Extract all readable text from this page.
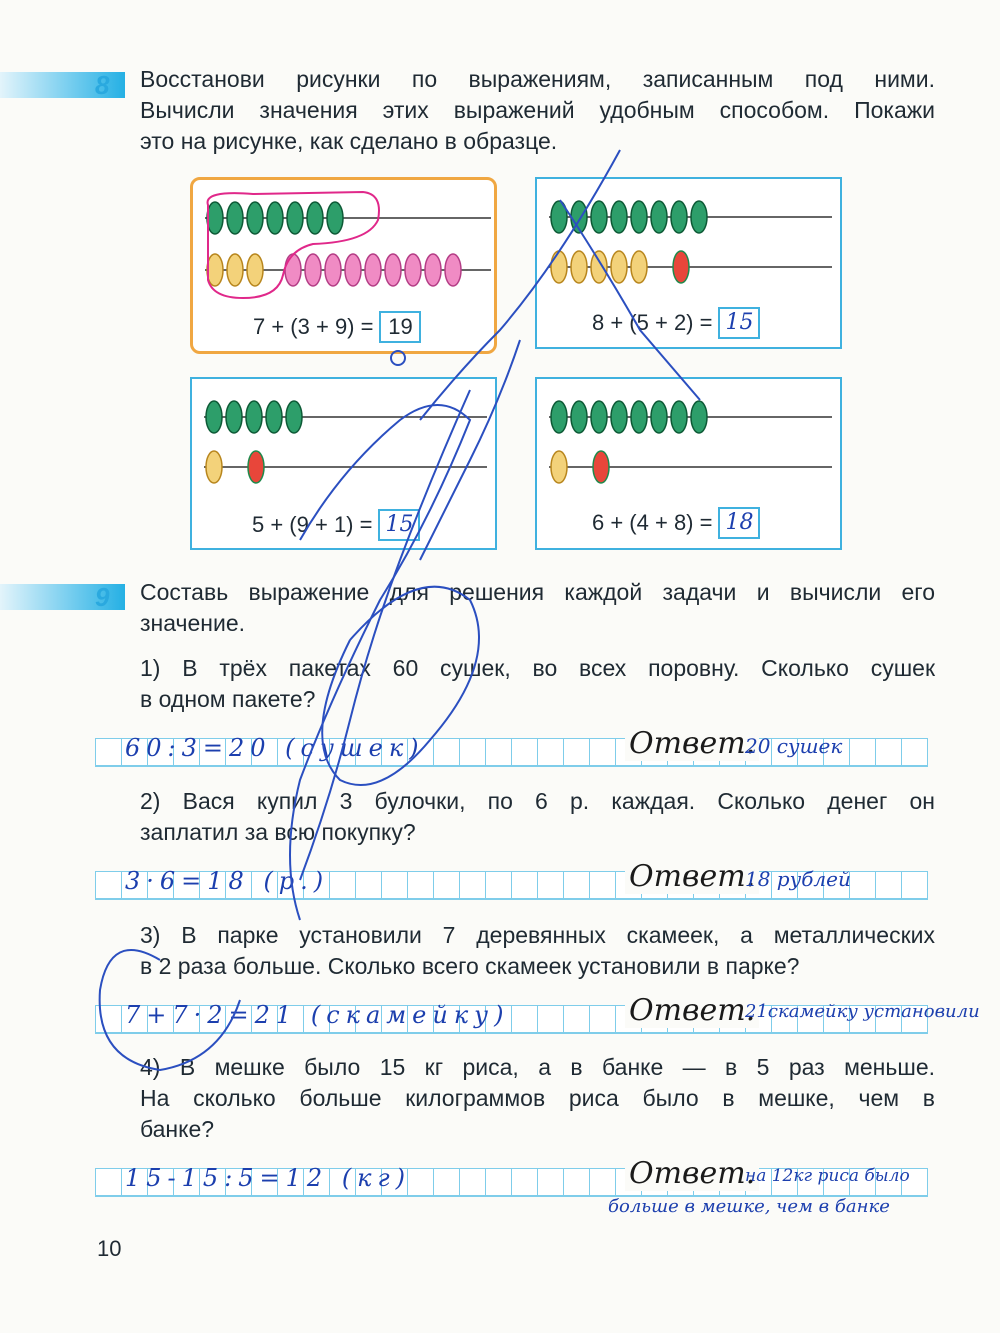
8 Восстанови рисунки по выражениям, записанным под ними.
Вычисли значения этих выражений удобным способом. Покажи
это на рисунке, как сделано в образце.
7 + (3 + 9) = 19	8 + (5 + 2) = 15
5 + (9 + 1) = 15	6 + (4 + 8) = 18
9 Составь выражение для решения каждой задачи и вычисли его
значение.
1) В трёх пакетах 60 сушек, во всех поровну. Сколько сушек
в одном пакете?
60:3=20 (сушек)	Ответ.
20 сушек
2) Вася купил 3 булочки, по 6 р. каждая. Сколько денег он
заплатил за всю покупку?
3·6=18 (р.)	Ответ.
18 рублей
3) В парке установили 7 деревянных скамеек, а металлических
в 2 раза больше. Сколько всего скамеек установили в парке?
7+7·2=21 (скамейку)	Ответ.
21скамейку установили
4) В мешке было 15 кг риса, а в банке — в 5 раз меньше.
На сколько больше килограммов риса было в мешке, чем в
банке?
15-15:5=12 (кг)	Ответ.
на 12кг риса было
больше в мешке, чем в банке
10
